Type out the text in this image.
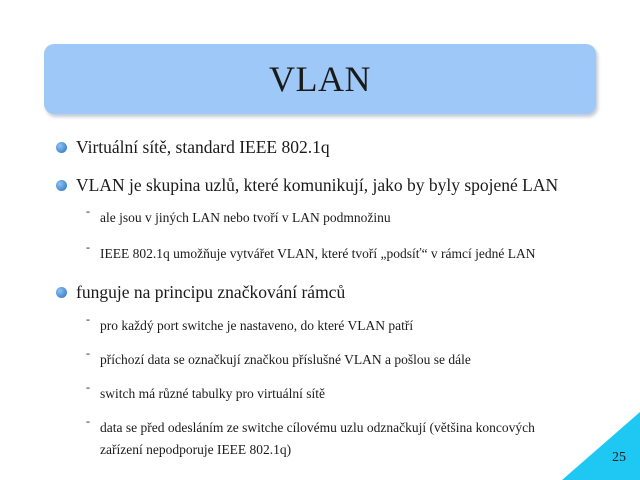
VLAN
Virtuální sítě, standard IEEE 802.1q
VLAN je skupina uzlů, které komunikují, jako by byly spojené LAN
- ale jsou v jiných LAN nebo tvoří v LAN podmnožinu
- IEEE 802.1q umožňuje vytvářet VLAN, které tvoří „podsíť“ v rámcí jedné LAN
funguje na principu značkování rámců
- pro každý port switche je nastaveno, do které VLAN patří
- příchozí data se označkují značkou příslušné VLAN a pošlou se dále
- switch má různé tabulky pro virtuální sítě
- data se před odesláním ze switche cílovému uzlu odznačkují (většina koncových zařízení nepodporuje IEEE 802.1q)
25
